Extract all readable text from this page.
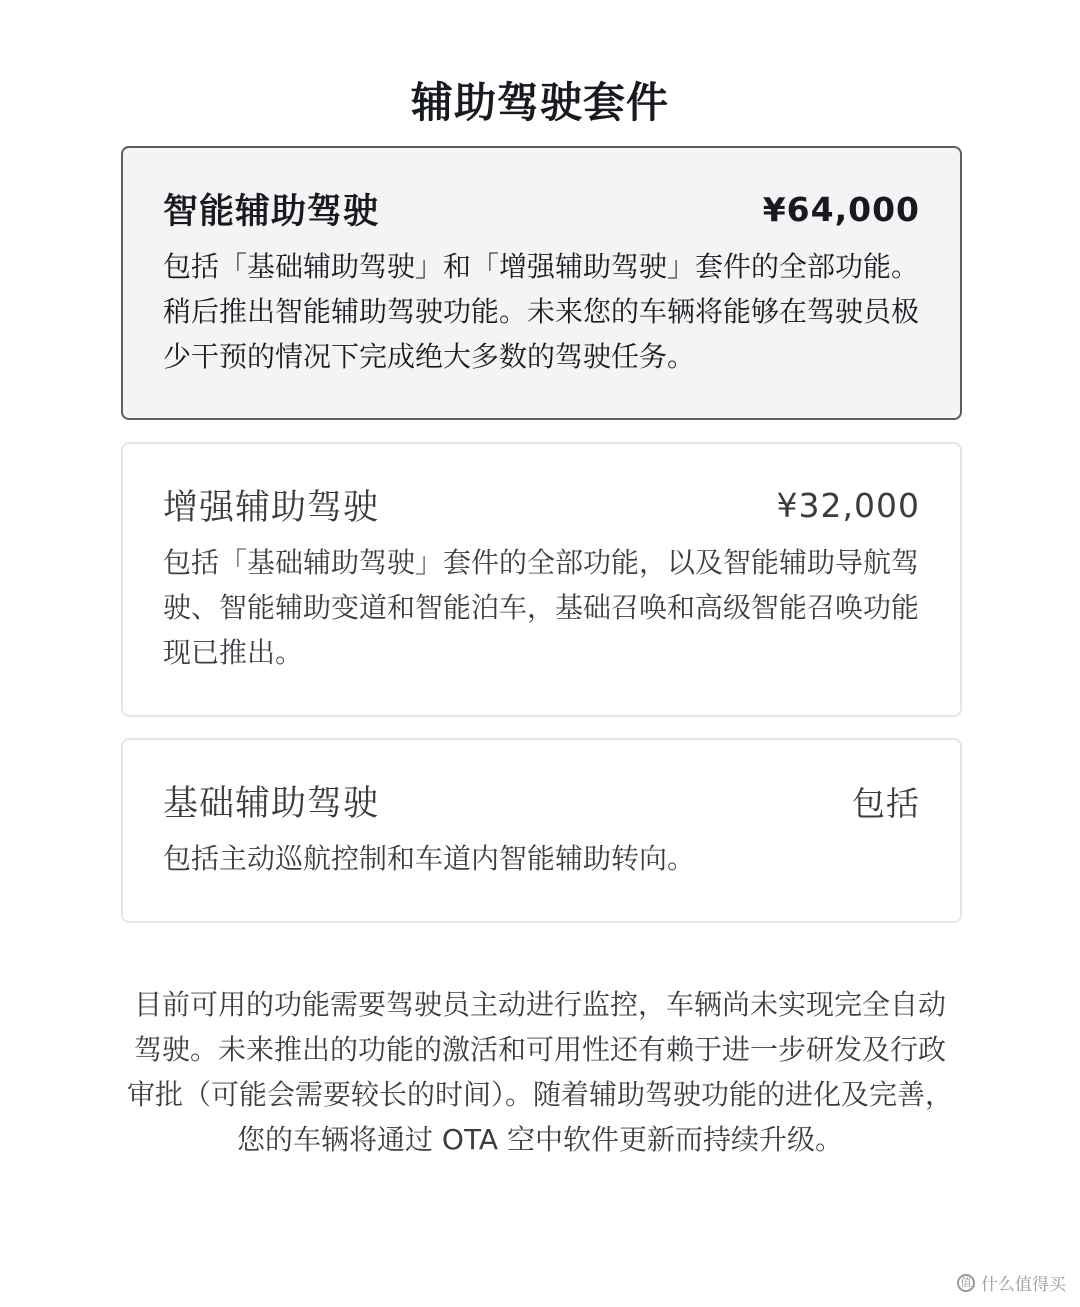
辅助驾驶套件
智能辅助驾驶	¥64,000
包括「基础辅助驾驶」和「增强辅助驾驶」套件的全部功能。稍后推出智能辅助驾驶功能。未来您的车辆将能够在驾驶员极少干预的情况下完成绝大多数的驾驶任务。
增强辅助驾驶	¥32,000
包括「基础辅助驾驶」套件的全部功能，以及智能辅助导航驾驶、智能辅助变道和智能泊车，基础召唤和高级智能召唤功能现已推出。
基础辅助驾驶	包括
包括主动巡航控制和车道内智能辅助转向。
目前可用的功能需要驾驶员主动进行监控，车辆尚未实现完全自动驾驶。未来推出的功能的激活和可用性还有赖于进一步研发及行政审批（可能会需要较长的时间）。随着辅助驾驶功能的进化及完善，您的车辆将通过 OTA 空中软件更新而持续升级。
值 什么值得买
